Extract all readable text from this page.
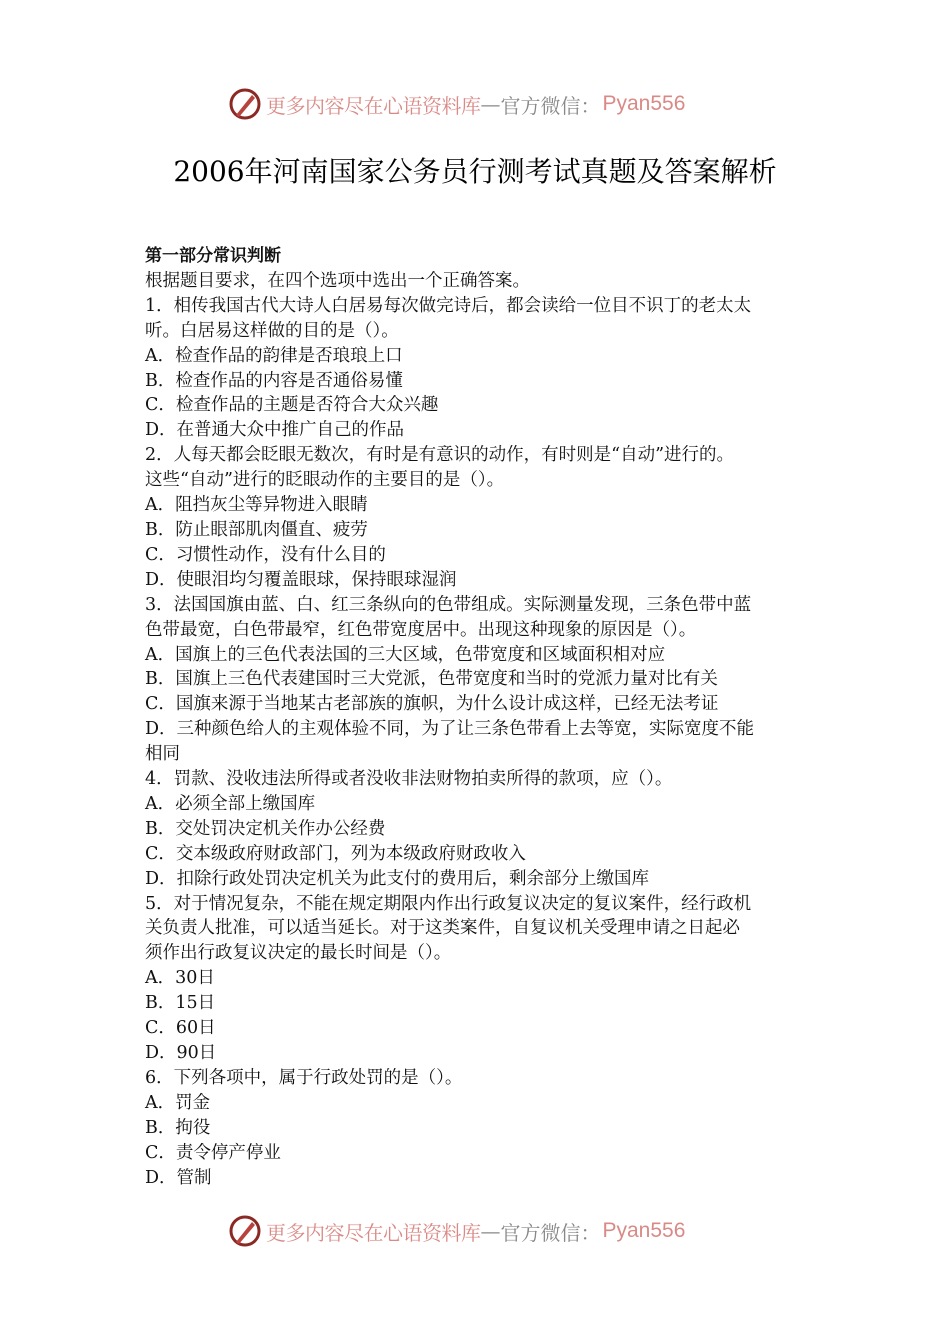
更多内容尽在心语资料库 — 官方微信： Pyan556
2006年河南国家公务员行测考试真题及答案解析
第一部分常识判断
根据题目要求，在四个选项中选出一个正确答案。
1．相传我国古代大诗人白居易每次做完诗后，都会读给一位目不识丁的老太太
听。白居易这样做的目的是（）。
A．检查作品的韵律是否琅琅上口
B．检查作品的内容是否通俗易懂
C．检查作品的主题是否符合大众兴趣
D．在普通大众中推广自己的作品
2．人每天都会眨眼无数次，有时是有意识的动作，有时则是“自动”进行的。
这些“自动”进行的眨眼动作的主要目的是（）。
A．阻挡灰尘等异物进入眼睛
B．防止眼部肌肉僵直、疲劳
C．习惯性动作，没有什么目的
D．使眼泪均匀覆盖眼球，保持眼球湿润
3．法国国旗由蓝、白、红三条纵向的色带组成。实际测量发现，三条色带中蓝
色带最宽，白色带最窄，红色带宽度居中。出现这种现象的原因是（）。
A．国旗上的三色代表法国的三大区域，色带宽度和区域面积相对应
B．国旗上三色代表建国时三大党派，色带宽度和当时的党派力量对比有关
C．国旗来源于当地某古老部族的旗帜，为什么设计成这样，已经无法考证
D．三种颜色给人的主观体验不同，为了让三条色带看上去等宽，实际宽度不能
相同
4．罚款、没收违法所得或者没收非法财物拍卖所得的款项，应（）。
A．必须全部上缴国库
B．交处罚决定机关作办公经费
C．交本级政府财政部门，列为本级政府财政收入
D．扣除行政处罚决定机关为此支付的费用后，剩余部分上缴国库
5．对于情况复杂，不能在规定期限内作出行政复议决定的复议案件，经行政机
关负责人批准，可以适当延长。对于这类案件，自复议机关受理申请之日起必
须作出行政复议决定的最长时间是（）。
A．30日
B．15日
C．60日
D．90日
6．下列各项中，属于行政处罚的是（）。
A．罚金
B．拘役
C．责令停产停业
D．管制
更多内容尽在心语资料库 — 官方微信： Pyan556
